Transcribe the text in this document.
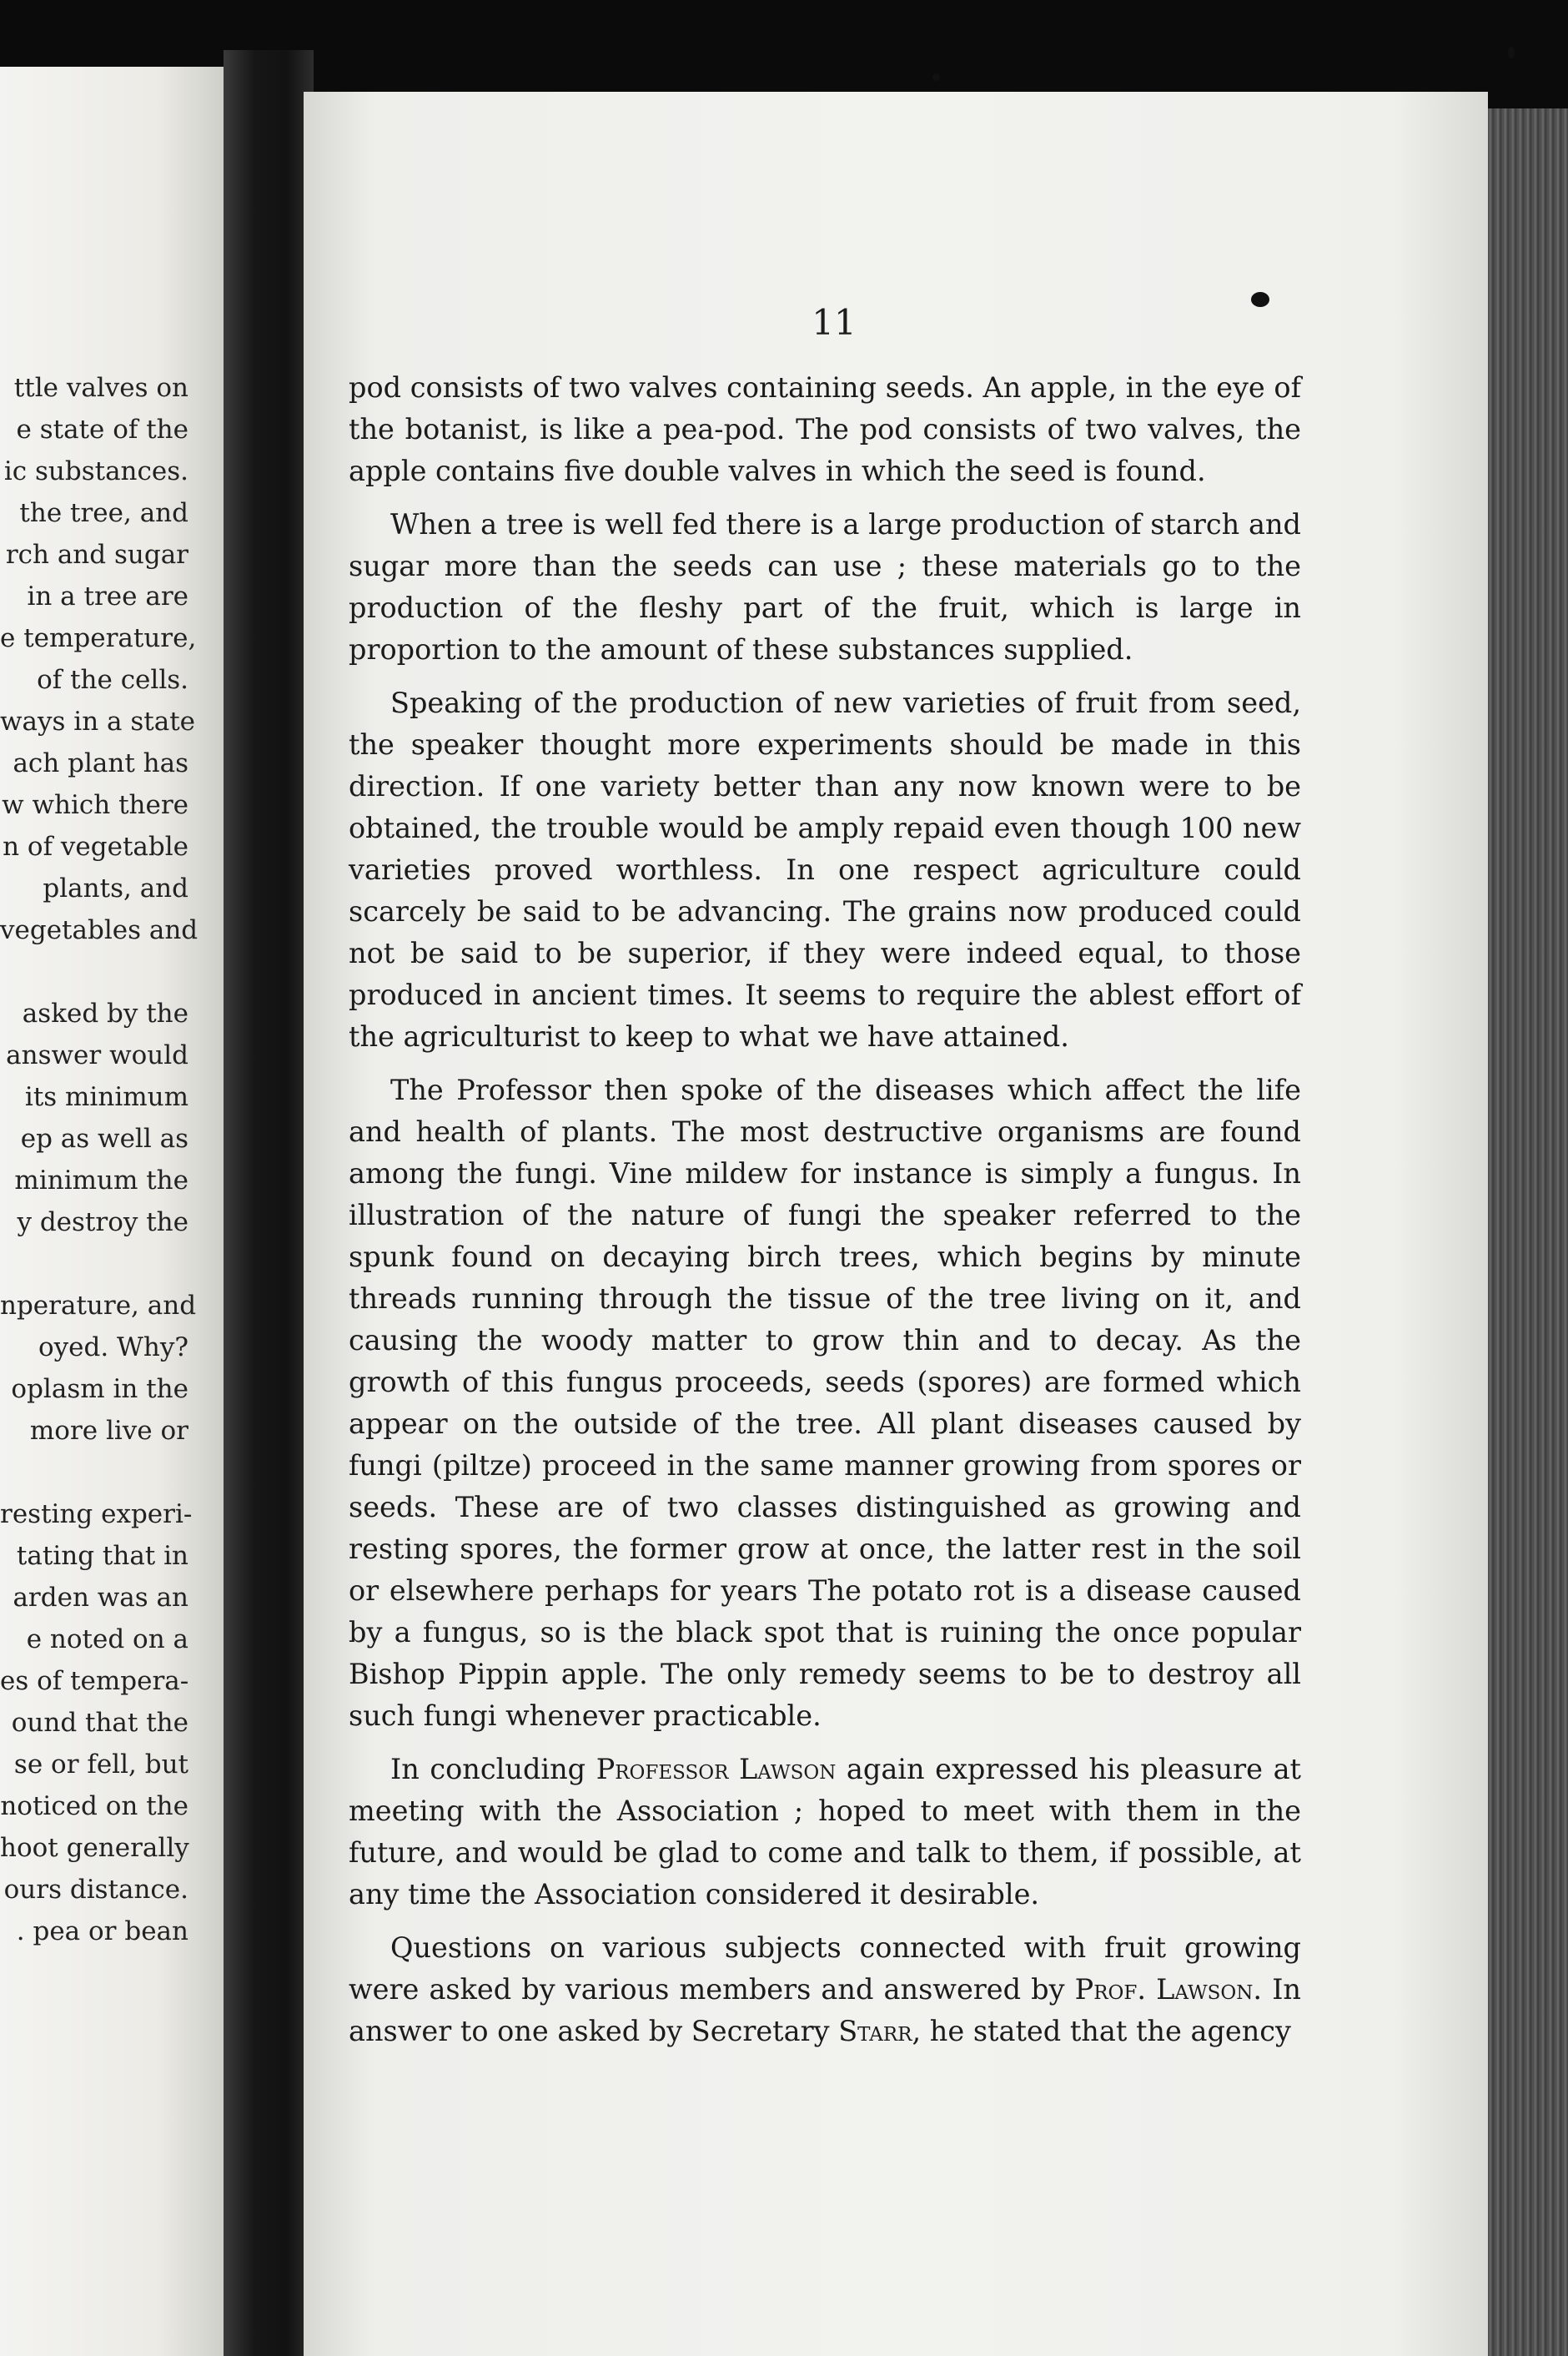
ttle valves on
e state of the
ic substances.
the tree, and
rch and sugar
in a tree are
e temperature,
of the cells.
ways in a state
ach plant has
w which there
n of vegetable
plants, and
vegetables and
asked by the
answer would
its minimum
ep as well as
minimum the
y destroy the
nperature, and
oyed. Why?
oplasm in the
more live or
resting experi-
tating that in
arden was an
e noted on a
es of tempera-
ound that the
se or fell, but
noticed on the
hoot generally
ours distance.
. pea or bean
11

pod consists of two valves containing seeds. An apple, in the eye of the botanist, is like a pea-pod. The pod consists of two valves, the apple contains five double valves in which the seed is found.

When a tree is well fed there is a large production of starch and sugar more than the seeds can use ; these materials go to the production of the fleshy part of the fruit, which is large in proportion to the amount of these substances supplied.

Speaking of the production of new varieties of fruit from seed, the speaker thought more experiments should be made in this direction. If one variety better than any now known were to be obtained, the trouble would be amply repaid even though 100 new varieties proved worthless. In one respect agriculture could scarcely be said to be advancing. The grains now produced could not be said to be superior, if they were indeed equal, to those produced in ancient times. It seems to require the ablest effort of the agriculturist to keep to what we have attained.

The Professor then spoke of the diseases which affect the life and health of plants. The most destructive organisms are found among the fungi. Vine mildew for instance is simply a fungus. In illustration of the nature of fungi the speaker referred to the spunk found on decaying birch trees, which begins by minute threads running through the tissue of the tree living on it, and causing the woody matter to grow thin and to decay. As the growth of this fungus proceeds, seeds (spores) are formed which appear on the outside of the tree. All plant diseases caused by fungi (piltze) proceed in the same manner growing from spores or seeds. These are of two classes distinguished as growing and resting spores, the former grow at once, the latter rest in the soil or elsewhere perhaps for years The potato rot is a disease caused by a fungus, so is the black spot that is ruining the once popular Bishop Pippin apple. The only remedy seems to be to destroy all such fungi whenever practicable.

In concluding Professor Lawson again expressed his pleasure at meeting with the Association ; hoped to meet with them in the future, and would be glad to come and talk to them, if possible, at any time the Association considered it desirable.

Questions on various subjects connected with fruit growing were asked by various members and answered by Prof. Lawson. In answer to one asked by Secretary Starr, he stated that the agency
